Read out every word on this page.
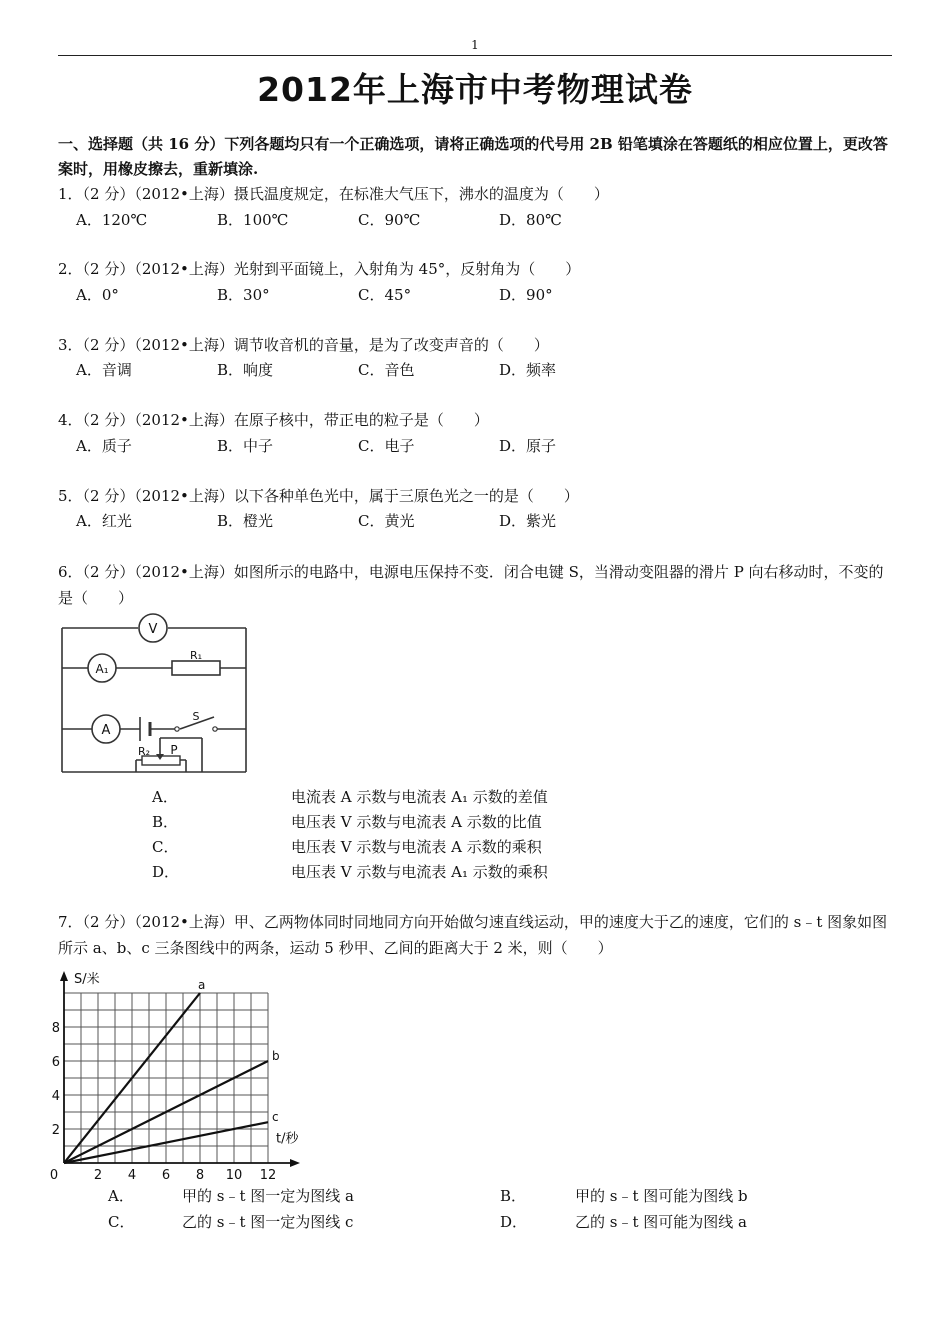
1
2012年上海市中考物理试卷
一、选择题（共 16 分）下列各题均只有一个正确选项，请将正确选项的代号用 2B 铅笔填涂在答题纸的相应位置上，更改答案时，用橡皮擦去，重新填涂.
1．（2 分）（2012•上海）摄氏温度规定，在标准大气压下，沸水的温度为（　　）
A．120℃	B．100℃	C．90℃	D．80℃
2．（2 分）（2012•上海）光射到平面镜上，入射角为 45°，反射角为（　　）
A．0°	B．30°	C．45°	D．90°
3．（2 分）（2012•上海）调节收音机的音量，是为了改变声音的（　　）
A．音调	B．响度	C．音色	D．频率
4．（2 分）（2012•上海）在原子核中，带正电的粒子是（　　）
A．质子	B．中子	C．电子	D．原子
5．（2 分）（2012•上海）以下各种单色光中，属于三原色光之一的是（　　）
A．红光	B．橙光	C．黄光	D．紫光
6．（2 分）（2012•上海）如图所示的电路中，电源电压保持不变．闭合电键 S，当滑动变阻器的滑片 P 向右移动时，不变的是（　　）
V
A₁
R₁
A
S
R₂ P
A．	电流表 A 示数与电流表 A₁ 示数的差值
B．	电压表 V 示数与电流表 A 示数的比值
C．	电压表 V 示数与电流表 A 示数的乘积
D．	电压表 V 示数与电流表 A₁ 示数的乘积
7．（2 分）（2012•上海）甲、乙两物体同时同地同方向开始做匀速直线运动，甲的速度大于乙的速度，它们的 s﹣t 图象如图所示 a、b、c 三条图线中的两条，运动 5 秒甲、乙间的距离大于 2 米，则（　　）
a
b
c
0	2 4 6 8 10 12
2
4
6
8
S/米
t/秒
A．	甲的 s﹣t 图一定为图线 a	B．	甲的 s﹣t 图可能为图线 b
C．	乙的 s﹣t 图一定为图线 c	D．	乙的 s﹣t 图可能为图线 a
